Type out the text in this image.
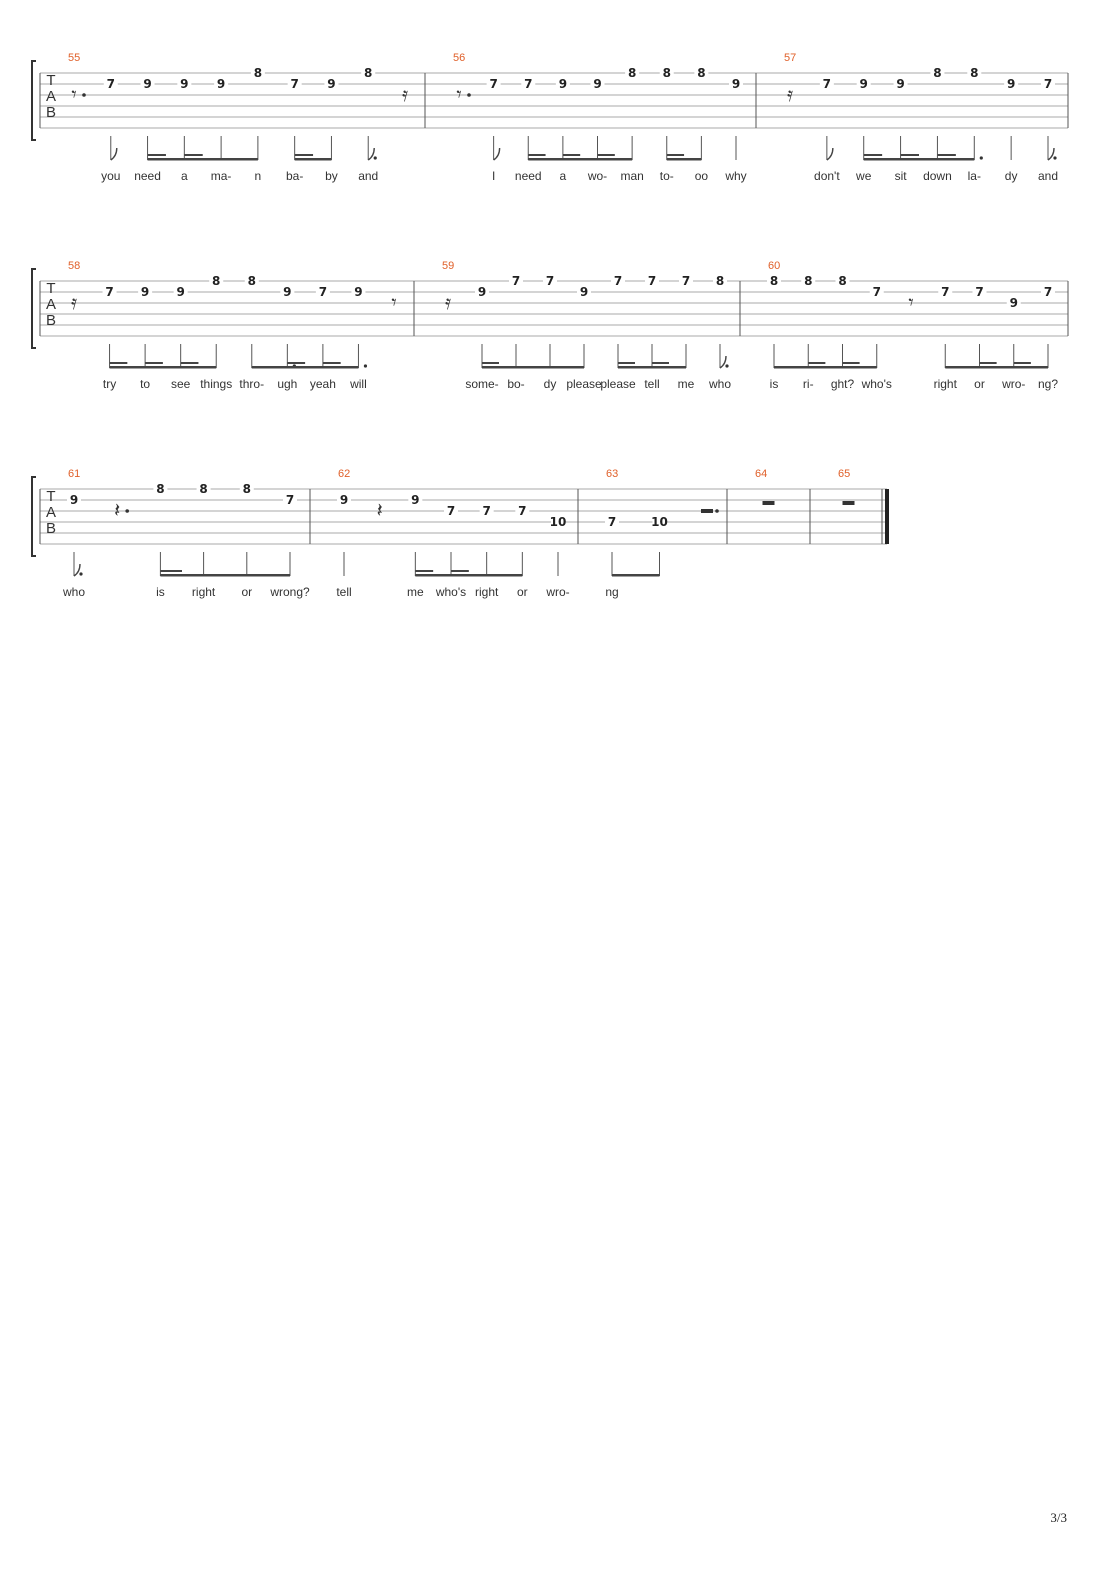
T
A
B
55
𝄾 7
you
9
need
9
a
9
ma-
8
n
7
ba-
9
by
8
and
𝄿
56
𝄾 7
I
7
need
9
a
9
wo-
8
man
8
to-
8
oo
9
why
57
𝄿 7
don't
9
we
9
sit
8
down
8
la-
9
dy
7
and
T
A
B
58
𝄿 7
try
9
to
9
see
8
things
8
thro-
9
ugh
7
yeah
9
will
𝄾
59
𝄿 9
some-
7
bo-
7
dy
9
please
7
please
7
tell
7
me
8
who
60
8
is
8
ri-
8
ght?
7
who's
𝄾 7
right
7
or
9
wro-
7
ng?
T
A
B
61
9
who
𝄽
8
is
8
right
8
or
7
wrong?
62
9
tell
𝄽 9
me
7
who's
7
right
7
or
10
wro-
63
7
ng
10
64	65
3/3
